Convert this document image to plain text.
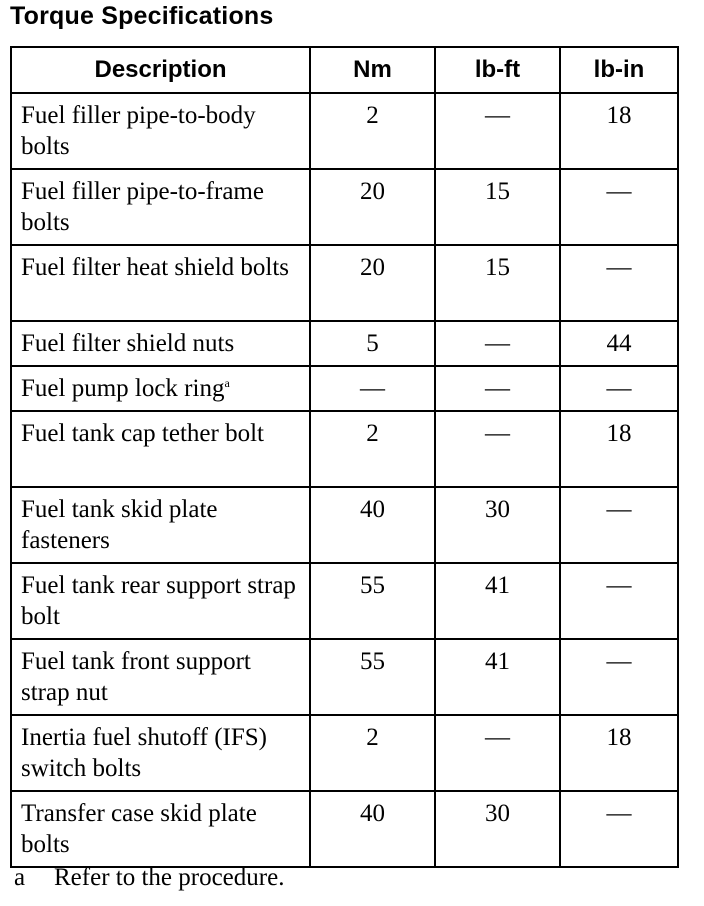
Torque Specifications
Description	Nm	lb-ft	lb-in
Fuel filler pipe-to-body bolts	2	—	18
Fuel filler pipe-to-frame bolts	20	15	—
Fuel filter heat shield bolts	20	15	—
Fuel filter shield nuts	5	—	44
Fuel pump lock ring$^a$	—	—	—
Fuel tank cap tether bolt	2	—	18
Fuel tank skid plate fasteners	40	30	—
Fuel tank rear support strap bolt	55	41	—
Fuel tank front support strap nut	55	41	—
Inertia fuel shutoff (IFS) switch bolts	2	—	18
Transfer case skid plate bolts	40	30	—
a Refer to the procedure.
